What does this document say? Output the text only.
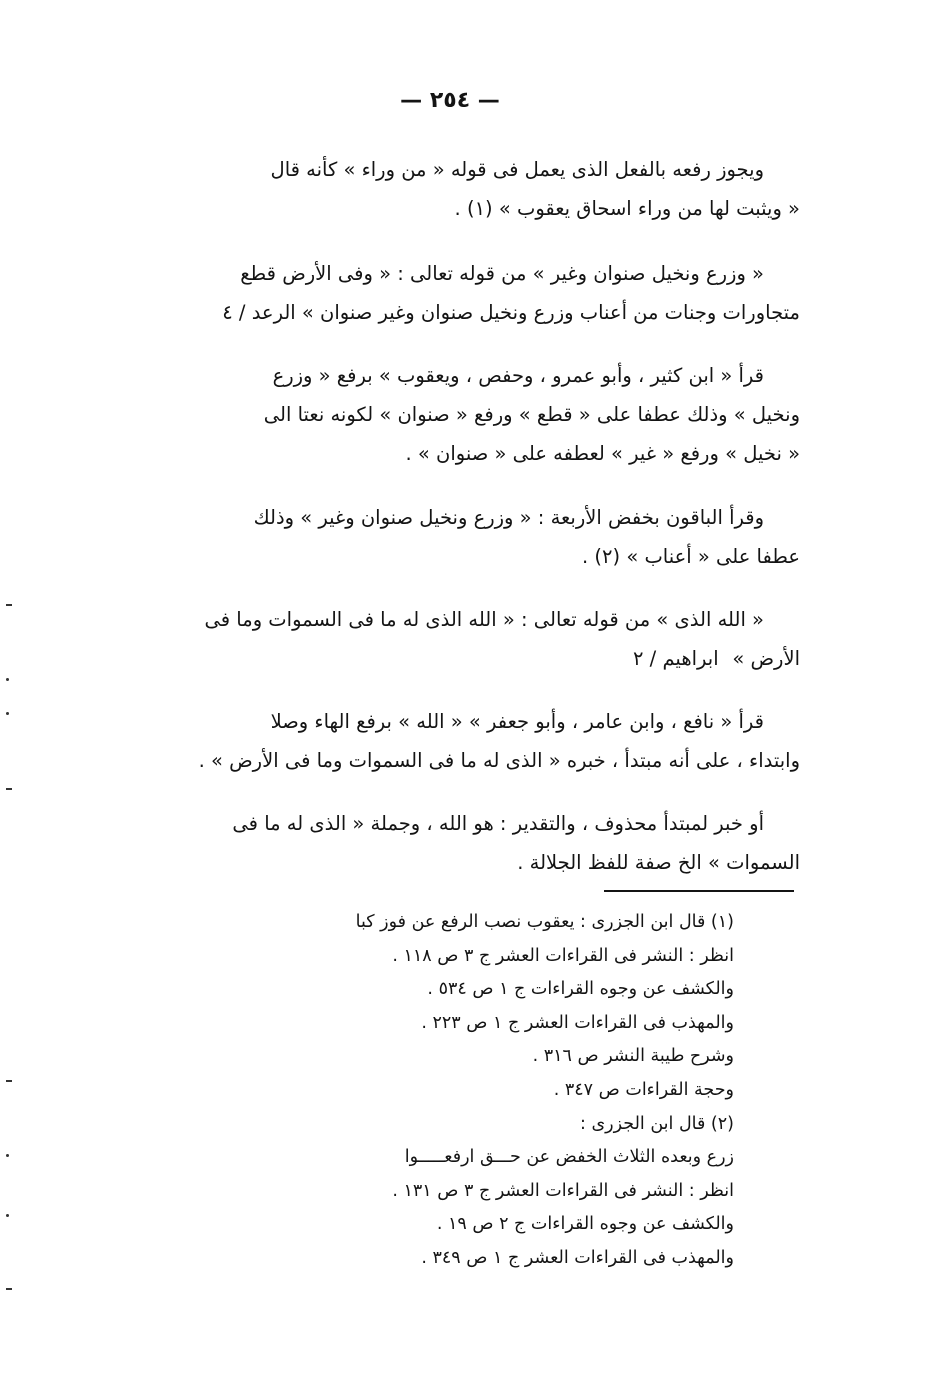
— ٢٥٤ —
ويجوز رفعه بالفعل الذى يعمل فى قوله « من وراء » كأنه قال
« ويثبت لها من وراء اسحاق يعقوب » (١) .
« وزرع ونخيل صنوان وغير » من قوله تعالى : « وفى الأرض قطع
متجاورات وجنات من أعناب وزرع ونخيل صنوان وغير صنوان » الرعد / ٤
قرأ « ابن كثير ، وأبو عمرو ، وحفص ، ويعقوب » برفع « وزرع
ونخيل » وذلك عطفا على « قطع » ورفع « صنوان » لكونه نعتا الى
« نخيل » ورفع « غير » لعطفه على « صنوان » .
وقرأ الباقون بخفض الأربعة : « وزرع ونخيل صنوان وغير » وذلك
عطفا على « أعناب » (٢) .
« الله الذى » من قوله تعالى : « الله الذى له ما فى السموات وما فى
الأرض »
ابراهيم / ٢
قرأ « نافع ، وابن عامر ، وأبو جعفر » « الله » برفع الهاء وصلا
وابتداء ، على أنه مبتدأ ، خبره « الذى له ما فى السموات وما فى الأرض » .
أو خبر لمبتدأ محذوف ، والتقدير : هو الله ، وجملة « الذى له ما فى
السموات » الخ صفة للفظ الجلالة .
(١) قال ابن الجزرى : يعقوب نصب الرفع عن فوز كبا
انظر : النشر فى القراءات العشر ج ٣ ص ١١٨ .
والكشف عن وجوه القراءات ج ١ ص ٥٣٤ .
والمهذب فى القراءات العشر ج ١ ص ٢٢٣ .
وشرح طيبة النشر ص ٣١٦ .
وحجة القراءات ص ٣٤٧ .
(٢) قال ابن الجزرى :
زرع وبعده الثلاث الخفض عن حـــق ارفعـــــوا
انظر : النشر فى القراءات العشر ج ٣ ص ١٣١ .
والكشف عن وجوه القراءات ج ٢ ص ١٩ .
والمهذب فى القراءات العشر ج ١ ص ٣٤٩ .
